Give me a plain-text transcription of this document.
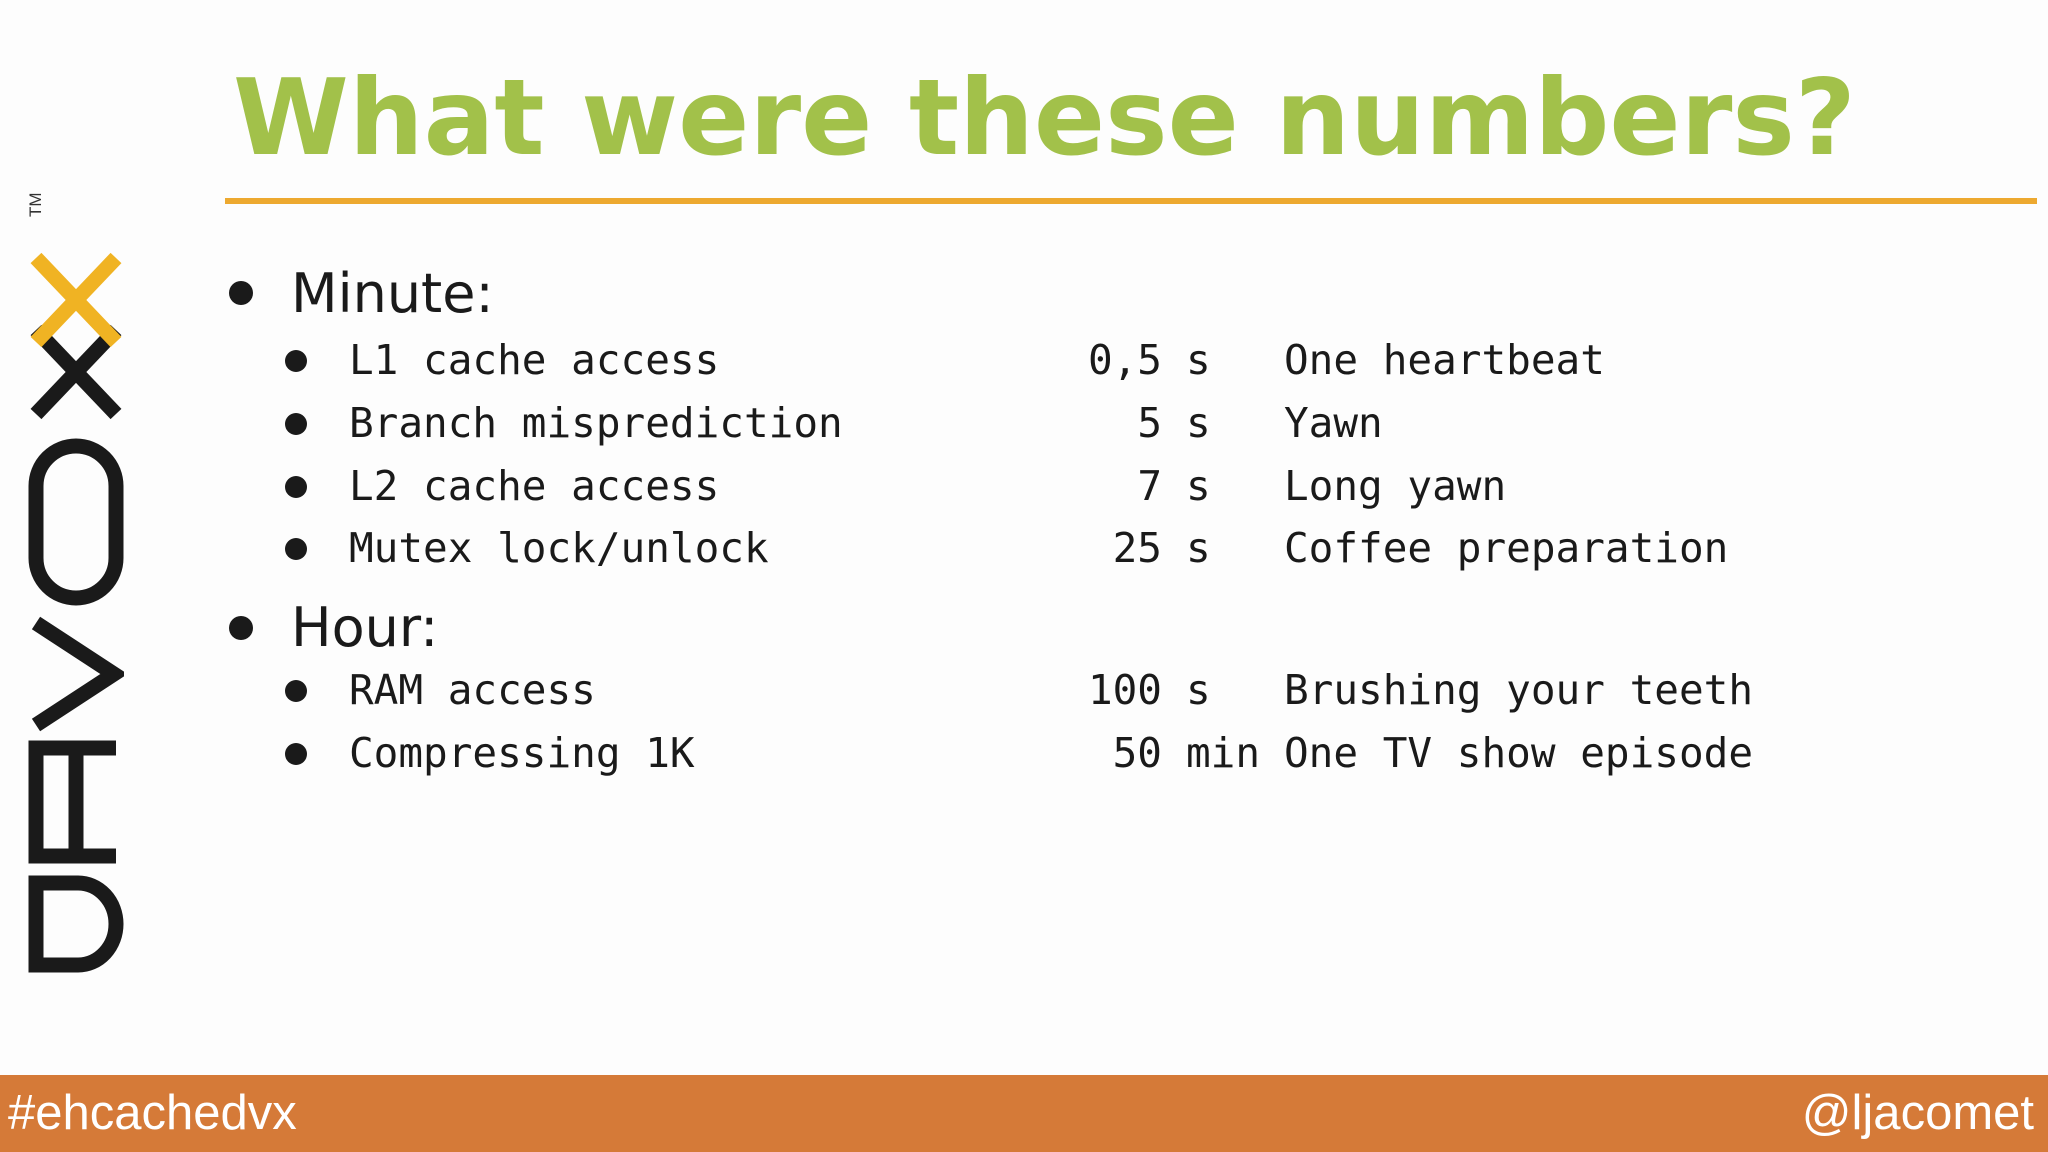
TM
What were these numbers?
Minute:
L1 cache access	0,5 s One heartbeat
Branch misprediction	5 s Yawn
L2 cache access	7 s Long yawn
Mutex lock/unlock	25 s Coffee preparation
Hour:
RAM access	100 s Brushing your teeth
Compressing 1K	50 min One TV show episode
#ehcachedvx	@ljacomet
